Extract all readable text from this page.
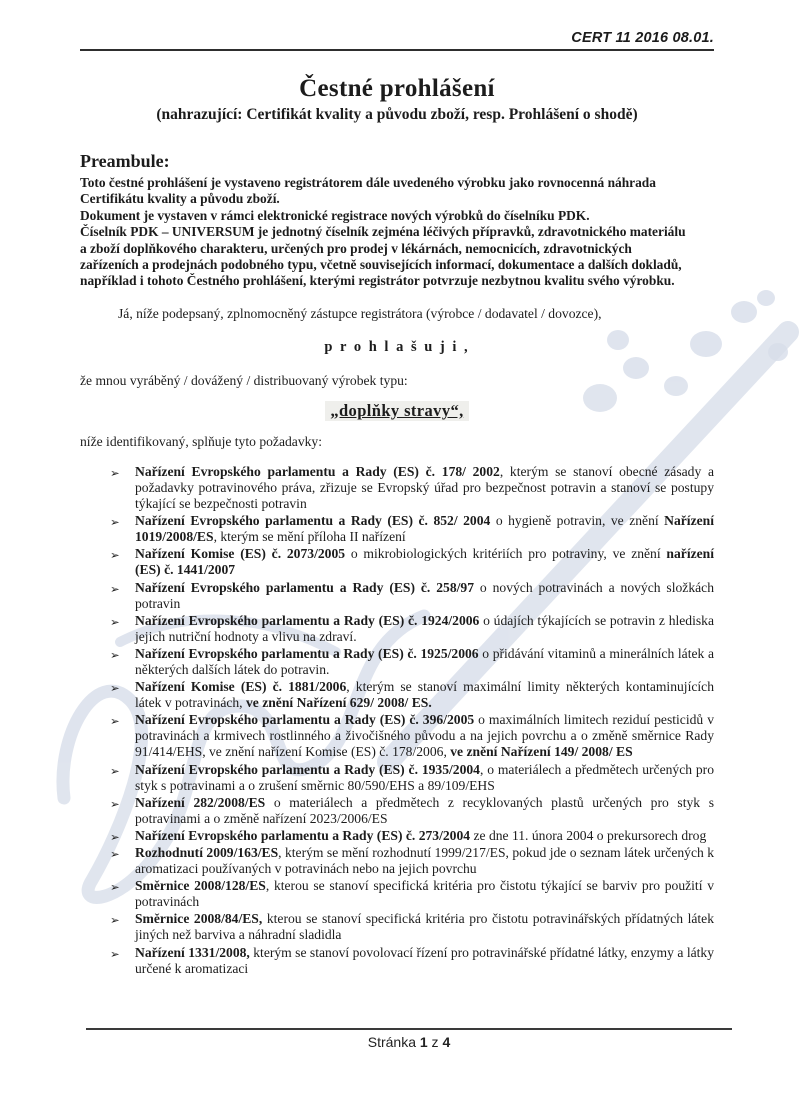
CERT 11 2016 08.01.
Čestné prohlášení
(nahrazující: Certifikát kvality a původu zboží, resp. Prohlášení o shodě)
Preambule:
Toto čestné prohlášení je vystaveno registrátorem dále uvedeného výrobku jako rovnocenná náhrada
Certifikátu kvality a původu zboží.
Dokument je vystaven v rámci elektronické registrace nových výrobků do číselníku PDK.
Číselník PDK – UNIVERSUM je jednotný číselník zejména léčivých přípravků, zdravotnického materiálu
a zboží doplňkového charakteru, určených pro prodej v lékárnách, nemocnicích, zdravotnických
zařízeních a prodejnách podobného typu, včetně souvisejících informací, dokumentace a dalších dokladů,
například i tohoto Čestného prohlášení, kterými registrátor potvrzuje nezbytnou kvalitu svého výrobku.
Já, níže podepsaný, zplnomocněný zástupce registrátora (výrobce / dodavatel / dovozce),
p r o h l a š u j i ,
že mnou vyráběný / dovážený / distribuovaný výrobek typu:
„doplňky stravy“,
níže identifikovaný, splňuje tyto požadavky:
➢ Nařízení Evropského parlamentu a Rady (ES) č. 178/ 2002, kterým se stanoví obecné zásady a požadavky potravinového práva, zřizuje se Evropský úřad pro bezpečnost potravin a stanoví se postupy týkající se bezpečnosti potravin
➢ Nařízení Evropského parlamentu a Rady (ES) č. 852/ 2004 o hygieně potravin, ve znění Nařízení 1019/2008/ES, kterým se mění příloha II nařízení
➢ Nařízení Komise (ES) č. 2073/2005 o mikrobiologických kritériích pro potraviny, ve znění nařízení (ES) č. 1441/2007
➢ Nařízení Evropského parlamentu a Rady (ES) č. 258/97 o nových potravinách a nových složkách potravin
➢ Nařízení Evropského parlamentu a Rady (ES) č. 1924/2006 o údajích týkajících se potravin z hlediska jejich nutriční hodnoty a vlivu na zdraví.
➢ Nařízení Evropského parlamentu a Rady (ES) č. 1925/2006 o přidávání vitaminů a minerálních látek a některých dalších látek do potravin.
➢ Nařízení Komise (ES) č. 1881/2006, kterým se stanoví maximální limity některých kontaminujících látek v potravinách, ve znění Nařízení 629/ 2008/ ES.
➢ Nařízení Evropského parlamentu a Rady (ES) č. 396/2005 o maximálních limitech reziduí pesticidů v potravinách a krmivech rostlinného a živočišného původu a na jejich povrchu a o změně směrnice Rady 91/414/EHS, ve znění nařízení Komise (ES) č. 178/2006, ve znění Nařízení 149/ 2008/ ES
➢ Nařízení Evropského parlamentu a Rady (ES) č. 1935/2004, o materiálech a předmětech určených pro styk s potravinami a o zrušení směrnic 80/590/EHS a 89/109/EHS
➢ Nařízení 282/2008/ES o materiálech a předmětech z recyklovaných plastů určených pro styk s potravinami a o změně nařízení 2023/2006/ES
➢ Nařízení Evropského parlamentu a Rady (ES) č. 273/2004 ze dne 11. února 2004 o prekursorech drog
➢ Rozhodnutí 2009/163/ES, kterým se mění rozhodnutí 1999/217/ES, pokud jde o seznam látek určených k aromatizaci používaných v potravinách nebo na jejich povrchu
➢ Směrnice 2008/128/ES, kterou se stanoví specifická kritéria pro čistotu týkající se barviv pro použití v potravinách
➢ Směrnice 2008/84/ES, kterou se stanoví specifická kritéria pro čistotu potravinářských přídatných látek jiných než barviva a náhradní sladidla
➢ Nařízení 1331/2008, kterým se stanoví povolovací řízení pro potravinářské přídatné látky, enzymy a látky určené k aromatizaci
Stránka 1 z 4
